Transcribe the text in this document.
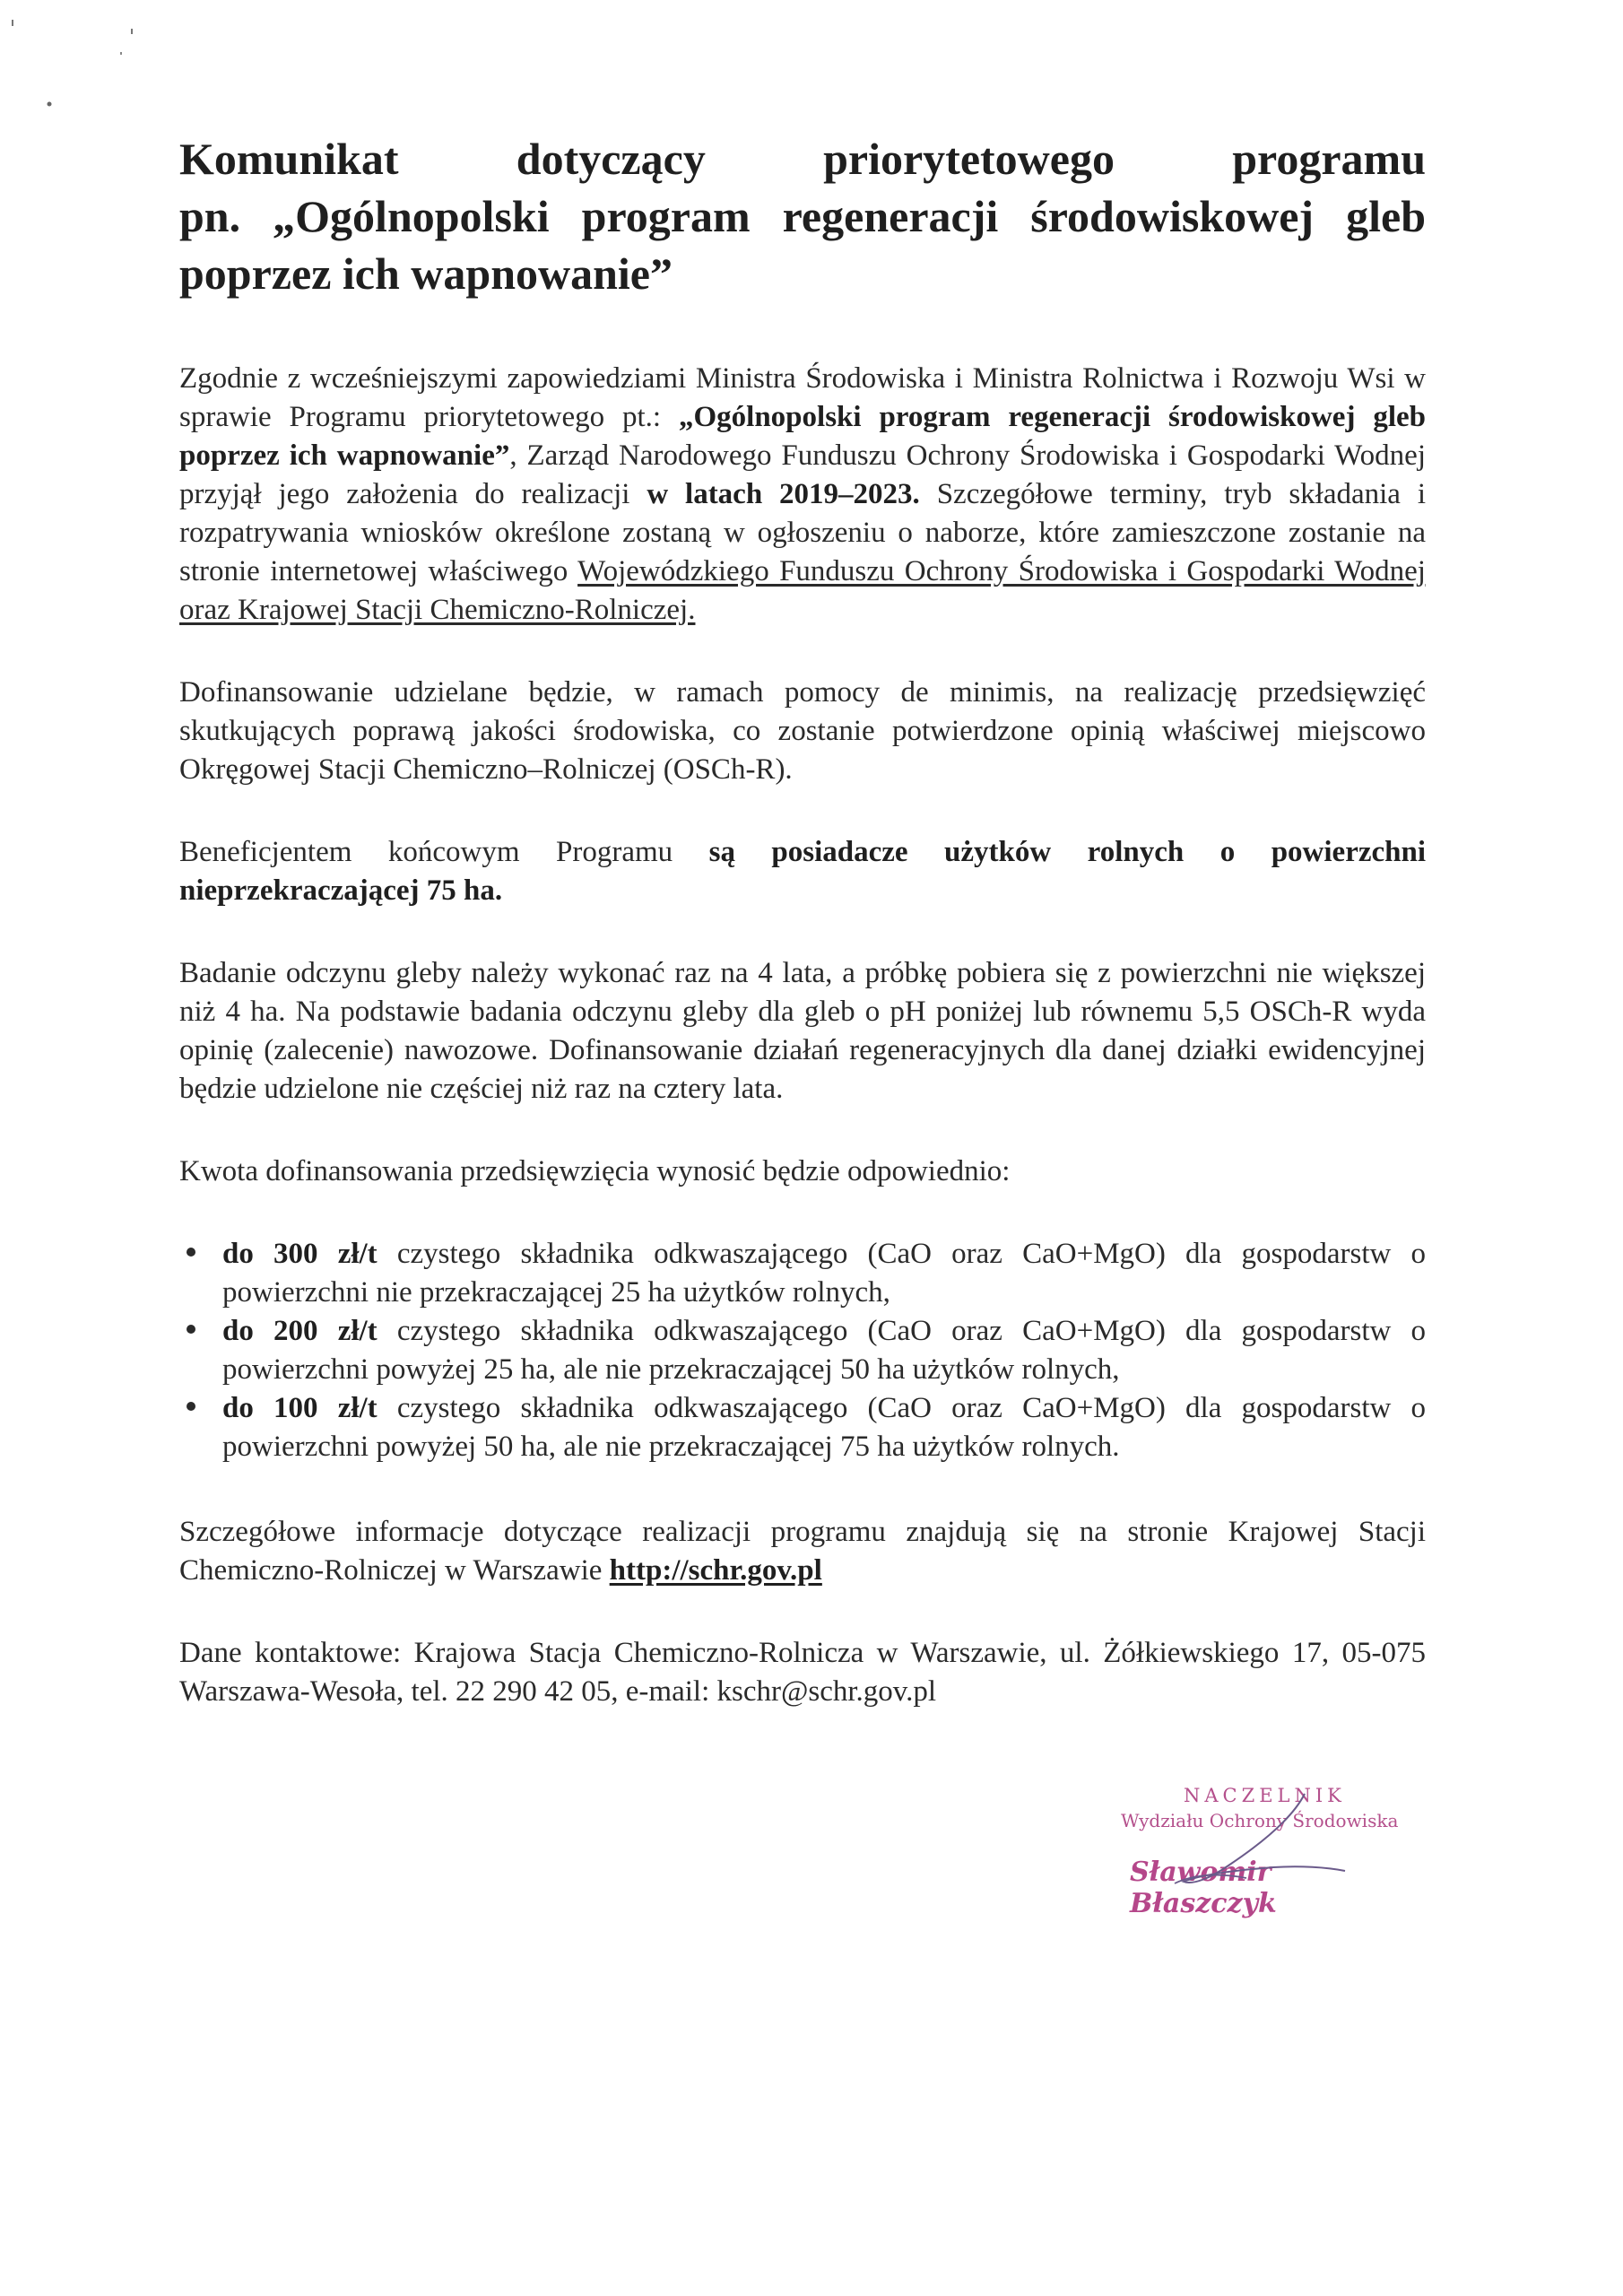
Komunikat	dotyczący	priorytetowego	programu
pn. „Ogólnopolski program regeneracji środowiskowej gleb poprzez ich wapnowanie”

Zgodnie z wcześniejszymi zapowiedziami Ministra Środowiska i Ministra Rolnictwa i Rozwoju Wsi w sprawie Programu priorytetowego pt.: „Ogólnopolski program regeneracji środowiskowej gleb poprzez ich wapnowanie”, Zarząd Narodowego Funduszu Ochrony Środowiska i Gospodarki Wodnej przyjął jego założenia do realizacji w latach 2019–2023. Szczegółowe terminy, tryb składania i rozpatrywania wniosków określone zostaną w ogłoszeniu o naborze, które zamieszczone zostanie na stronie internetowej właściwego Wojewódzkiego Funduszu Ochrony Środowiska i Gospodarki Wodnej oraz Krajowej Stacji Chemiczno-Rolniczej.

Dofinansowanie udzielane będzie, w ramach pomocy de minimis, na realizację przedsięwzięć skutkujących poprawą jakości środowiska, co zostanie potwierdzone opinią właściwej miejscowo Okręgowej Stacji Chemiczno–Rolniczej (OSCh-R).

Beneficjentem końcowym Programu są posiadacze użytków rolnych o powierzchni nieprzekraczającej 75 ha.

Badanie odczynu gleby należy wykonać raz na 4 lata, a próbkę pobiera się z powierzchni nie większej niż 4 ha. Na podstawie badania odczynu gleby dla gleb o pH poniżej lub równemu 5,5 OSCh-R wyda opinię (zalecenie) nawozowe. Dofinansowanie działań regeneracyjnych dla danej działki ewidencyjnej będzie udzielone nie częściej niż raz na cztery lata.

Kwota dofinansowania przedsięwzięcia wynosić będzie odpowiednio:

do 300 zł/t czystego składnika odkwaszającego (CaO oraz CaO+MgO) dla gospodarstw o powierzchni nie przekraczającej 25 ha użytków rolnych,
do 200 zł/t czystego składnika odkwaszającego (CaO oraz CaO+MgO) dla gospodarstw o powierzchni powyżej 25 ha, ale nie przekraczającej 50 ha użytków rolnych,
do 100 zł/t czystego składnika odkwaszającego (CaO oraz CaO+MgO) dla gospodarstw o powierzchni powyżej 50 ha, ale nie przekraczającej 75 ha użytków rolnych.

Szczegółowe informacje dotyczące realizacji programu znajdują się na stronie Krajowej Stacji Chemiczno-Rolniczej w Warszawie http://schr.gov.pl

Dane kontaktowe: Krajowa Stacja Chemiczno-Rolnicza w Warszawie, ul. Żółkiewskiego 17, 05-075 Warszawa-Wesoła, tel. 22 290 42 05, e-mail: kschr@schr.gov.pl

NACZELNIK
Wydziału Ochrony Środowiska
Sławomir Błaszczyk
